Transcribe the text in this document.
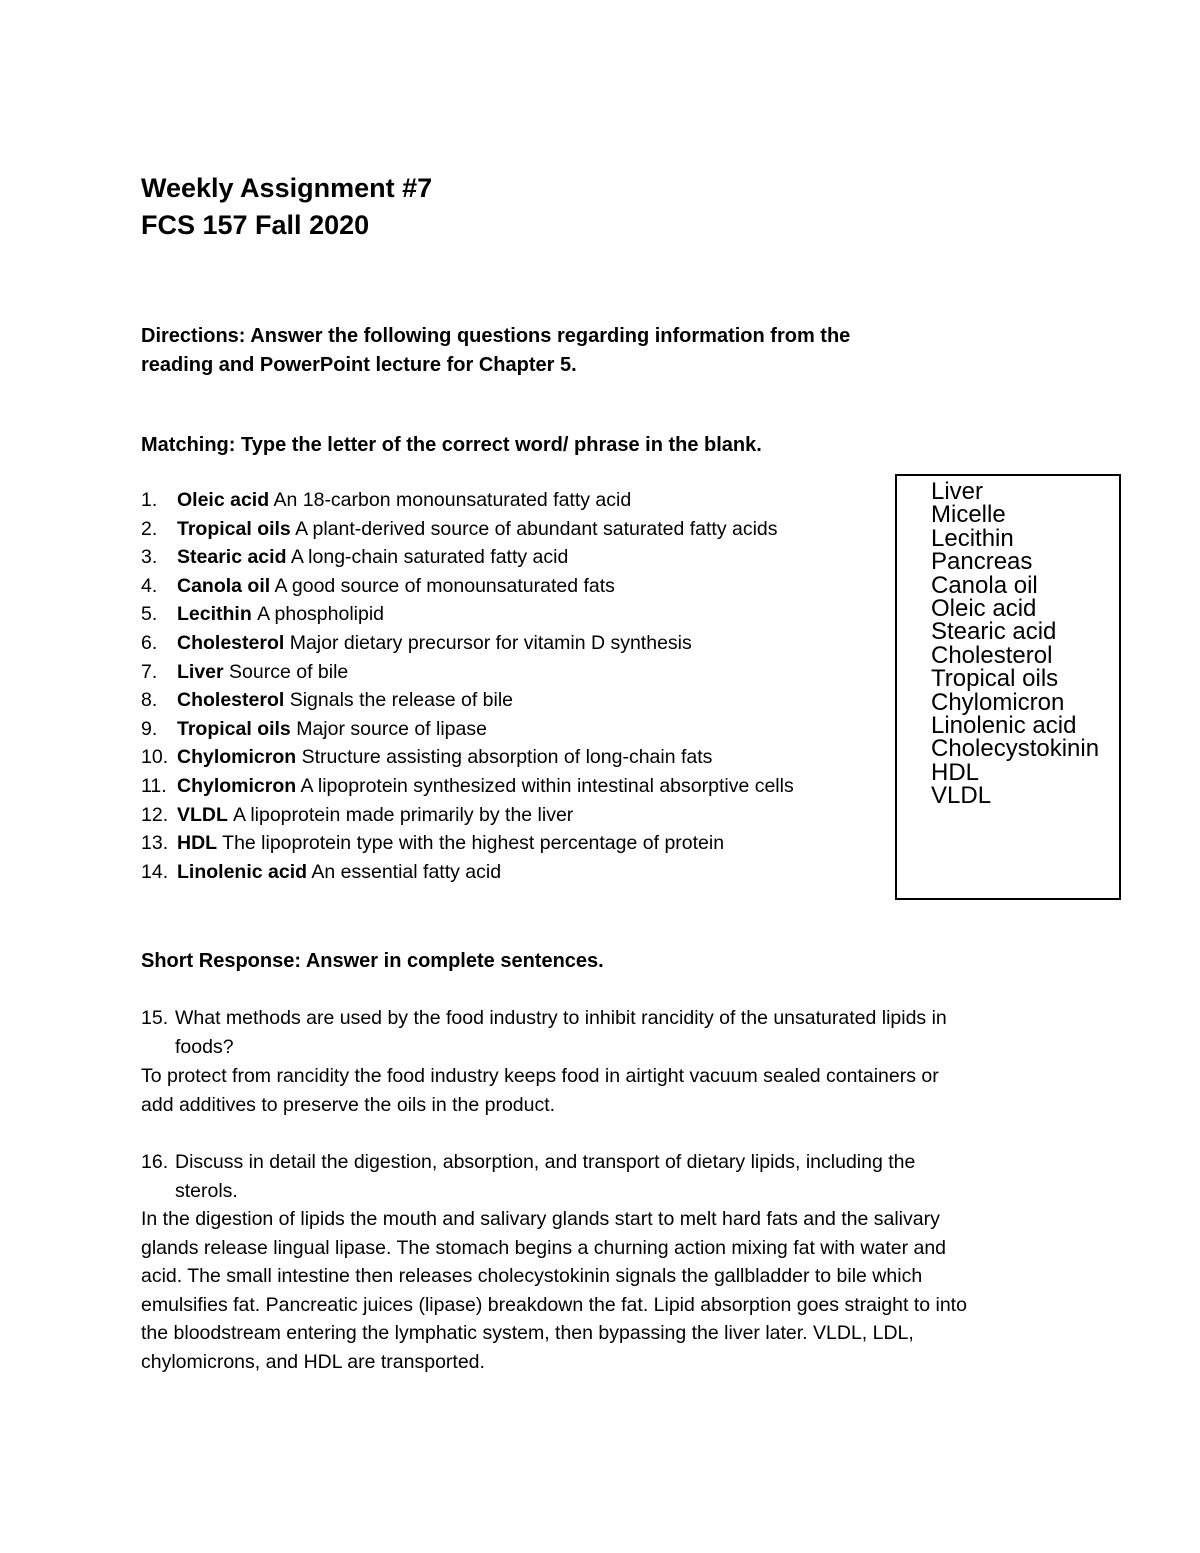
Weekly Assignment #7
FCS 157 Fall 2020
Directions: Answer the following questions regarding information from the
reading and PowerPoint lecture for Chapter 5.
Matching: Type the letter of the correct word/ phrase in the blank.
1. Oleic acid An 18-carbon monounsaturated fatty acid
2. Tropical oils A plant-derived source of abundant saturated fatty acids
3. Stearic acid A long-chain saturated fatty acid
4. Canola oil A good source of monounsaturated fats
5. Lecithin A phospholipid
6. Cholesterol Major dietary precursor for vitamin D synthesis
7. Liver Source of bile
8. Cholesterol Signals the release of bile
9. Tropical oils Major source of lipase
10. Chylomicron Structure assisting absorption of long-chain fats
11. Chylomicron A lipoprotein synthesized within intestinal absorptive cells
12. VLDL A lipoprotein made primarily by the liver
13. HDL The lipoprotein type with the highest percentage of protein
14. Linolenic acid An essential fatty acid
Liver
Micelle
Lecithin
Pancreas
Canola oil
Oleic acid
Stearic acid
Cholesterol
Tropical oils
Chylomicron
Linolenic acid
Cholecystokinin
HDL
VLDL
Short Response: Answer in complete sentences.
15. What methods are used by the food industry to inhibit rancidity of the unsaturated lipids in
foods?
To protect from rancidity the food industry keeps food in airtight vacuum sealed containers or
add additives to preserve the oils in the product.
16. Discuss in detail the digestion, absorption, and transport of dietary lipids, including the
sterols.
In the digestion of lipids the mouth and salivary glands start to melt hard fats and the salivary
glands release lingual lipase. The stomach begins a churning action mixing fat with water and
acid. The small intestine then releases cholecystokinin signals the gallbladder to bile which
emulsifies fat. Pancreatic juices (lipase) breakdown the fat. Lipid absorption goes straight to into
the bloodstream entering the lymphatic system, then bypassing the liver later. VLDL, LDL,
chylomicrons, and HDL are transported.
